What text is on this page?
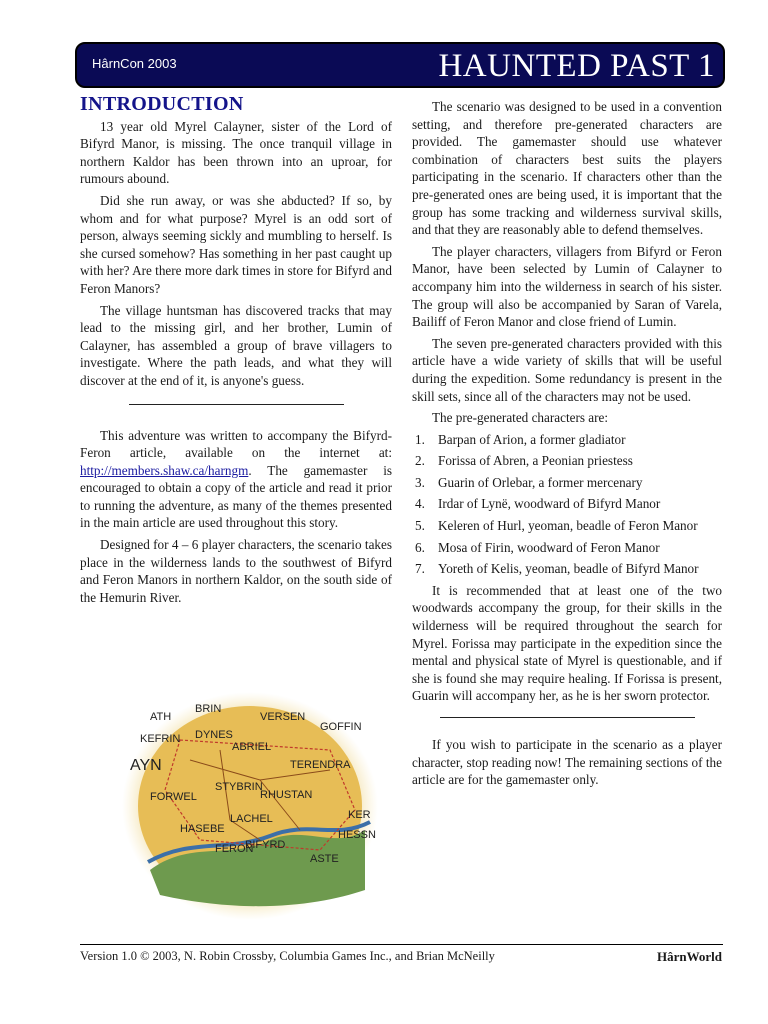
HârnCon 2003	HAUNTED PAST 1
INTRODUCTION

13 year old Myrel Calayner, sister of the Lord of Bifyrd Manor, is missing. The once tranquil village in northern Kaldor has been thrown into an uproar, for rumours abound.

Did she run away, or was she abducted? If so, by whom and for what purpose? Myrel is an odd sort of person, always seeming sickly and mumbling to herself. Is she cursed somehow? Has something in her past caught up with her? Are there more dark times in store for Bifyrd and Feron Manors?

The village huntsman has discovered tracks that may lead to the missing girl, and her brother, Lumin of Calayner, has assembled a group of brave villagers to investigate. Where the path leads, and what they will discover at the end of it, is anyone's guess.

This adventure was written to accompany the Bifyrd-Feron article, available on the internet at: http://members.shaw.ca/harngm. The gamemaster is encouraged to obtain a copy of the article and read it prior to running the adventure, as many of the themes presented in the main article are used throughout this story.

Designed for 4 – 6 player characters, the scenario takes place in the wilderness lands to the southwest of Bifyrd and Feron Manors in northern Kaldor, on the south side of the Hemurin River.

BRIN
ATH	VERSEN
GOFFIN
KEFRIN DYNES
ABRIEL
AYN	TERENDRA
STYBRIN
RHUSTAN
FORWEL
LACHEL
HASEBE
FERON
BIFYRD
KER
HESSN
ASTE

The scenario was designed to be used in a convention setting, and therefore pre-generated characters are provided. The gamemaster should use whatever combination of characters best suits the players participating in the scenario. If characters other than the pre-generated ones are being used, it is important that the group has some tracking and wilderness survival skills, and that they are reasonably able to defend themselves.

The player characters, villagers from Bifyrd or Feron Manor, have been selected by Lumin of Calayner to accompany him into the wilderness in search of his sister. The group will also be accompanied by Saran of Varela, Bailiff of Feron Manor and close friend of Lumin.

The seven pre-generated characters provided with this article have a wide variety of skills that will be useful during the expedition. Some redundancy is present in the skill sets, since all of the characters may not be used.

The pre-generated characters are:

1. Barpan of Arion, a former gladiator
2. Forissa of Abren, a Peonian priestess
3. Guarin of Orlebar, a former mercenary
4. Irdar of Lynë, woodward of Bifyrd Manor
5. Keleren of Hurl, yeoman, beadle of Feron Manor
6. Mosa of Firin, woodward of Feron Manor
7. Yoreth of Kelis, yeoman, beadle of Bifyrd Manor

It is recommended that at least one of the two woodwards accompany the group, for their skills in the wilderness will be required throughout the search for Myrel. Forissa may participate in the expedition since the mental and physical state of Myrel is questionable, and if she is found she may require healing. If Forissa is present, Guarin will accompany her, as he is her sworn protector.

If you wish to participate in the scenario as a player character, stop reading now! The remaining sections of the article are for the gamemaster only.

Version 1.0 © 2003, N. Robin Crossby, Columbia Games Inc., and Brian McNeilly	HârnWorld
